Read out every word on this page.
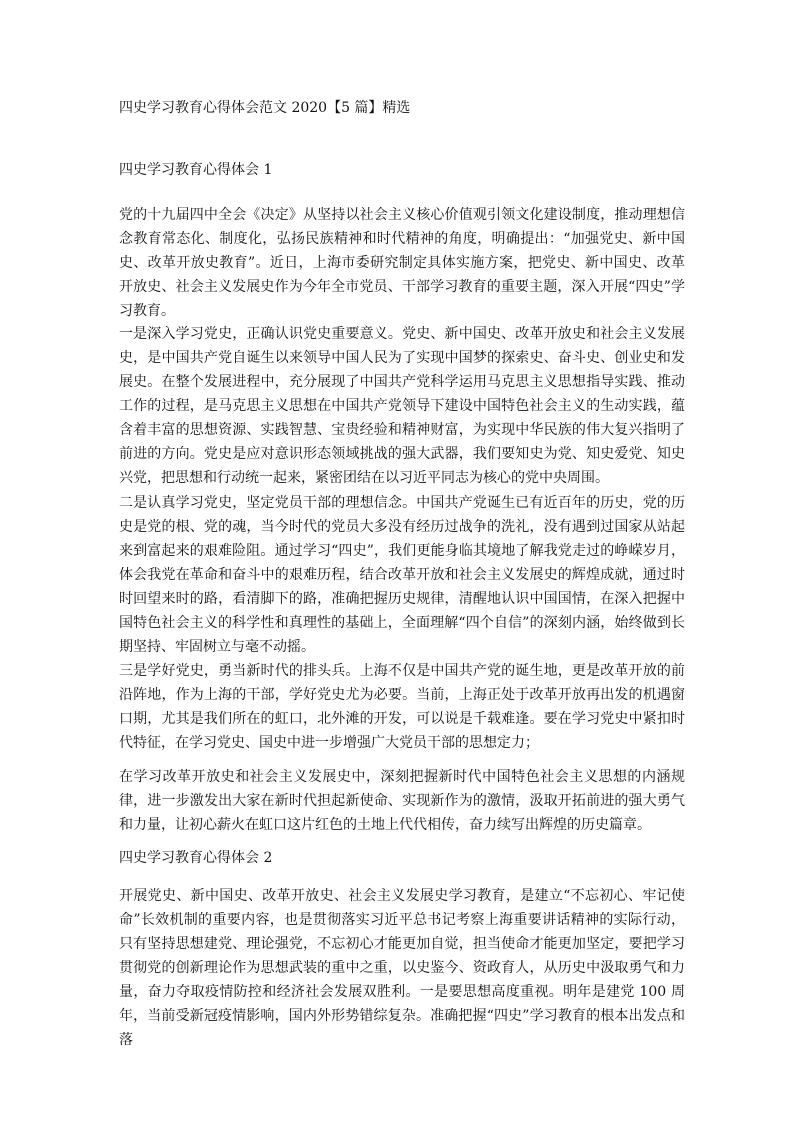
四史学习教育心得体会范文 2020【5 篇】精选
四史学习教育心得体会 1
党的十九届四中全会《决定》从坚持以社会主义核心价值观引领文化建设制度，推动理想信念教育常态化、制度化，弘扬民族精神和时代精神的角度，明确提出：“加强党史、新中国史、改革开放史教育”。近日，上海市委研究制定具体实施方案，把党史、新中国史、改革开放史、社会主义发展史作为今年全市党员、干部学习教育的重要主题，深入开展“四史”学习教育。
一是深入学习党史，正确认识党史重要意义。党史、新中国史、改革开放史和社会主义发展史，是中国共产党自诞生以来领导中国人民为了实现中国梦的探索史、奋斗史、创业史和发展史。在整个发展进程中，充分展现了中国共产党科学运用马克思主义思想指导实践、推动工作的过程，是马克思主义思想在中国共产党领导下建设中国特色社会主义的生动实践，蕴含着丰富的思想资源、实践智慧、宝贵经验和精神财富，为实现中华民族的伟大复兴指明了前进的方向。党史是应对意识形态领域挑战的强大武器，我们要知史为党、知史爱党、知史兴党，把思想和行动统一起来，紧密团结在以习近平同志为核心的党中央周围。
二是认真学习党史，坚定党员干部的理想信念。中国共产党诞生已有近百年的历史，党的历史是党的根、党的魂，当今时代的党员大多没有经历过战争的洗礼，没有遇到过国家从站起来到富起来的艰难险阻。通过学习“四史”，我们更能身临其境地了解我党走过的峥嵘岁月，体会我党在革命和奋斗中的艰难历程，结合改革开放和社会主义发展史的辉煌成就，通过时时回望来时的路，看清脚下的路，准确把握历史规律，清醒地认识中国国情，在深入把握中国特色社会主义的科学性和真理性的基础上，全面理解“四个自信”的深刻内涵，始终做到长期坚持、牢固树立与毫不动摇。
三是学好党史，勇当新时代的排头兵。上海不仅是中国共产党的诞生地，更是改革开放的前沿阵地，作为上海的干部，学好党史尤为必要。当前，上海正处于改革开放再出发的机遇窗口期，尤其是我们所在的虹口，北外滩的开发，可以说是千载难逢。要在学习党史中紧扣时代特征，在学习党史、国史中进一步增强广大党员干部的思想定力；
在学习改革开放史和社会主义发展史中，深刻把握新时代中国特色社会主义思想的内涵规律，进一步激发出大家在新时代担起新使命、实现新作为的激情，汲取开拓前进的强大勇气和力量，让初心薪火在虹口这片红色的土地上代代相传，奋力续写出辉煌的历史篇章。
四史学习教育心得体会 2
开展党史、新中国史、改革开放史、社会主义发展史学习教育，是建立“不忘初心、牢记使命”长效机制的重要内容，也是贯彻落实习近平总书记考察上海重要讲话精神的实际行动，只有坚持思想建党、理论强党，不忘初心才能更加自觉，担当使命才能更加坚定，要把学习贯彻党的创新理论作为思想武装的重中之重，以史鉴今、资政育人，从历史中汲取勇气和力量，奋力夺取疫情防控和经济社会发展双胜利。一是要思想高度重视。明年是建党 100 周年，当前受新冠疫情影响，国内外形势错综复杂。准确把握“四史”学习教育的根本出发点和落
